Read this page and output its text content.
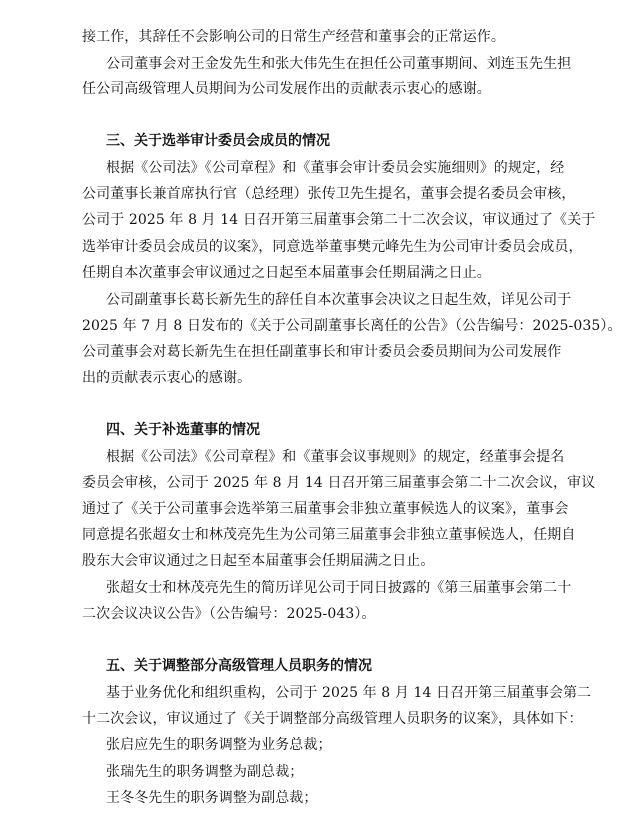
接工作，其辞任不会影响公司的日常生产经营和董事会的正常运作。
公司董事会对王金发先生和张大伟先生在担任公司董事期间、刘连玉先生担
任公司高级管理人员期间为公司发展作出的贡献表示衷心的感谢。
三、关于选举审计委员会成员的情况
根据《公司法》《公司章程》和《董事会审计委员会实施细则》的规定，经
公司董事长兼首席执行官（总经理）张传卫先生提名，董事会提名委员会审核，
公司于 2025 年 8 月 14 日召开第三届董事会第二十二次会议，审议通过了《关于
选举审计委员会成员的议案》，同意选举董事樊元峰先生为公司审计委员会成员，
任期自本次董事会审议通过之日起至本届董事会任期届满之日止。
公司副董事长葛长新先生的辞任自本次董事会决议之日起生效，详见公司于
2025 年 7 月 8 日发布的《关于公司副董事长离任的公告》（公告编号：2025-035）。
公司董事会对葛长新先生在担任副董事长和审计委员会委员期间为公司发展作
出的贡献表示衷心的感谢。
四、关于补选董事的情况
根据《公司法》《公司章程》和《董事会议事规则》的规定，经董事会提名
委员会审核，公司于 2025 年 8 月 14 日召开第三届董事会第二十二次会议，审议
通过了《关于公司董事会选举第三届董事会非独立董事候选人的议案》，董事会
同意提名张超女士和林茂亮先生为公司第三届董事会非独立董事候选人，任期自
股东大会审议通过之日起至本届董事会任期届满之日止。
张超女士和林茂亮先生的简历详见公司于同日披露的《第三届董事会第二十
二次会议决议公告》（公告编号：2025-043）。
五、关于调整部分高级管理人员职务的情况
基于业务优化和组织重构，公司于 2025 年 8 月 14 日召开第三届董事会第二
十二次会议，审议通过了《关于调整部分高级管理人员职务的议案》，具体如下：
张启应先生的职务调整为业务总裁；
张瑞先生的职务调整为副总裁；
王冬冬先生的职务调整为副总裁；
